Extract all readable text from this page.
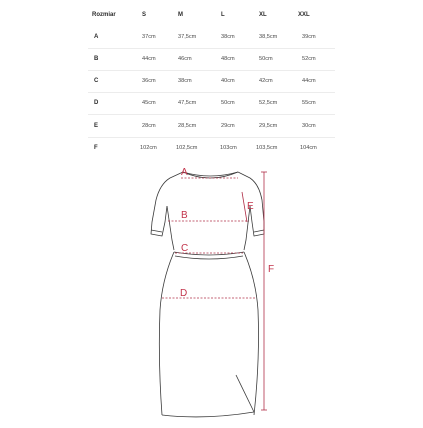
Rozmiar	S	M	L	XL	XXL
A	37cm	37,5cm	38cm	38,5cm	39cm
B	44cm	46cm	48cm	50cm	52cm
C	36cm	38cm	40cm	42cm	44cm
D	45cm	47,5cm	50cm	52,5cm	55cm
E	28cm	28,5cm	29cm	29,5cm	30cm
F	102cm	102,5cm	103cm	103,5cm	104cm
A
B
C
D
E
F
